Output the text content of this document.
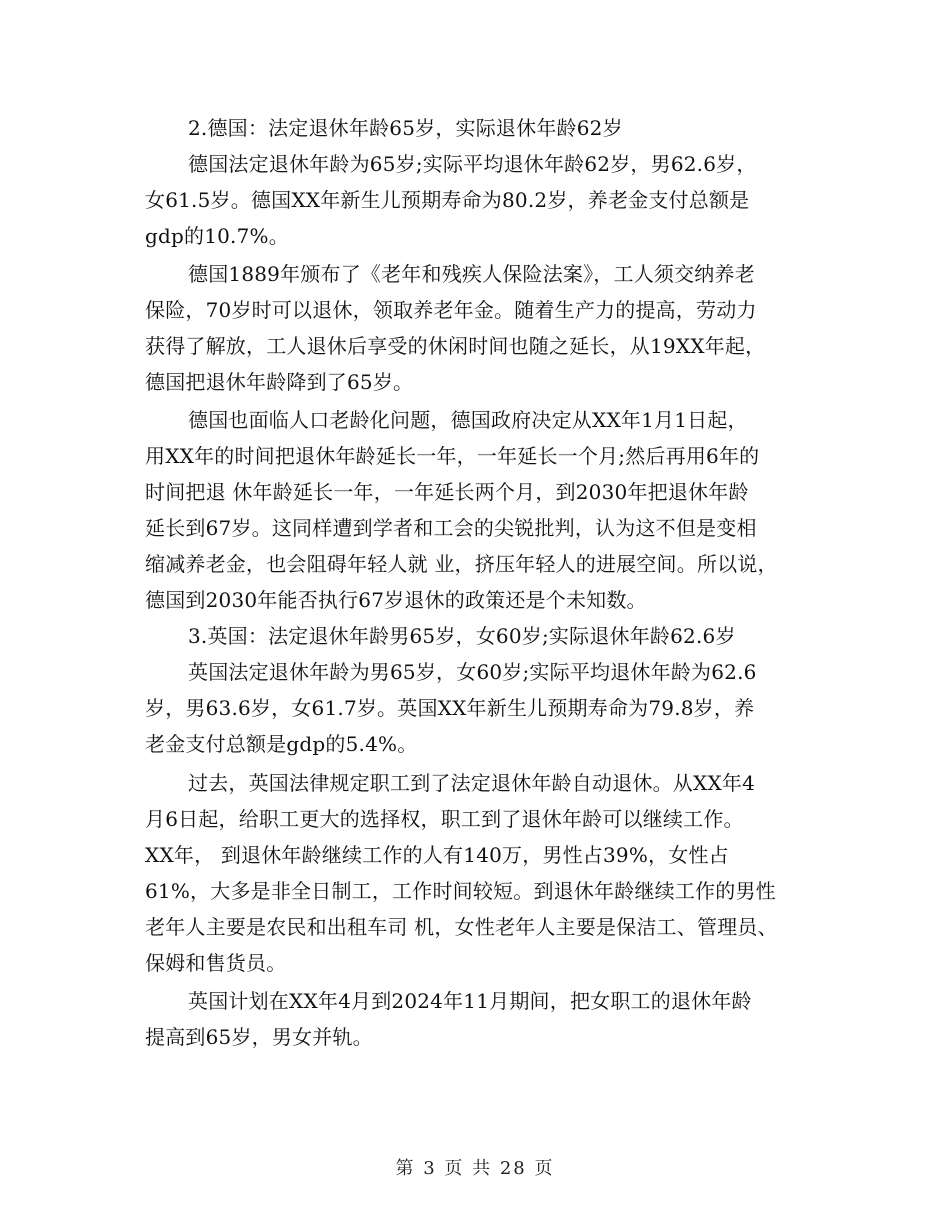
2.德国：法定退休年龄65岁，实际退休年龄62岁
德国法定退休年龄为65岁;实际平均退休年龄62岁，男62.6岁，
女61.5岁。德国XX年新生儿预期寿命为80.2岁，养老金支付总额是
gdp的10.7%。
德国1889年颁布了《老年和残疾人保险法案》，工人须交纳养老
保险，70岁时可以退休，领取养老年金。随着生产力的提高，劳动力
获得了解放，工人退休后享受的休闲时间也随之延长，从19XX年起，
德国把退休年龄降到了65岁。
德国也面临人口老龄化问题，德国政府决定从XX年1月1日起，
用XX年的时间把退休年龄延长一年，一年延长一个月;然后再用6年的
时间把退 休年龄延长一年，一年延长两个月，到2030年把退休年龄
延长到67岁。这同样遭到学者和工会的尖锐批判，认为这不但是变相
缩减养老金，也会阻碍年轻人就 业，挤压年轻人的进展空间。所以说，
德国到2030年能否执行67岁退休的政策还是个未知数。
3.英国：法定退休年龄男65岁，女60岁;实际退休年龄62.6岁
英国法定退休年龄为男65岁，女60岁;实际平均退休年龄为62.6
岁，男63.6岁，女61.7岁。英国XX年新生儿预期寿命为79.8岁，养
老金支付总额是gdp的5.4%。
过去，英国法律规定职工到了法定退休年龄自动退休。从XX年4
月6日起，给职工更大的选择权，职工到了退休年龄可以继续工作。
XX年， 到退休年龄继续工作的人有140万，男性占39%，女性占
61%，大多是非全日制工，工作时间较短。到退休年龄继续工作的男性
老年人主要是农民和出租车司 机，女性老年人主要是保洁工、管理员、
保姆和售货员。
英国计划在XX年4月到2024年11月期间，把女职工的退休年龄
提高到65岁，男女并轨。
第 3 页 共 28 页
